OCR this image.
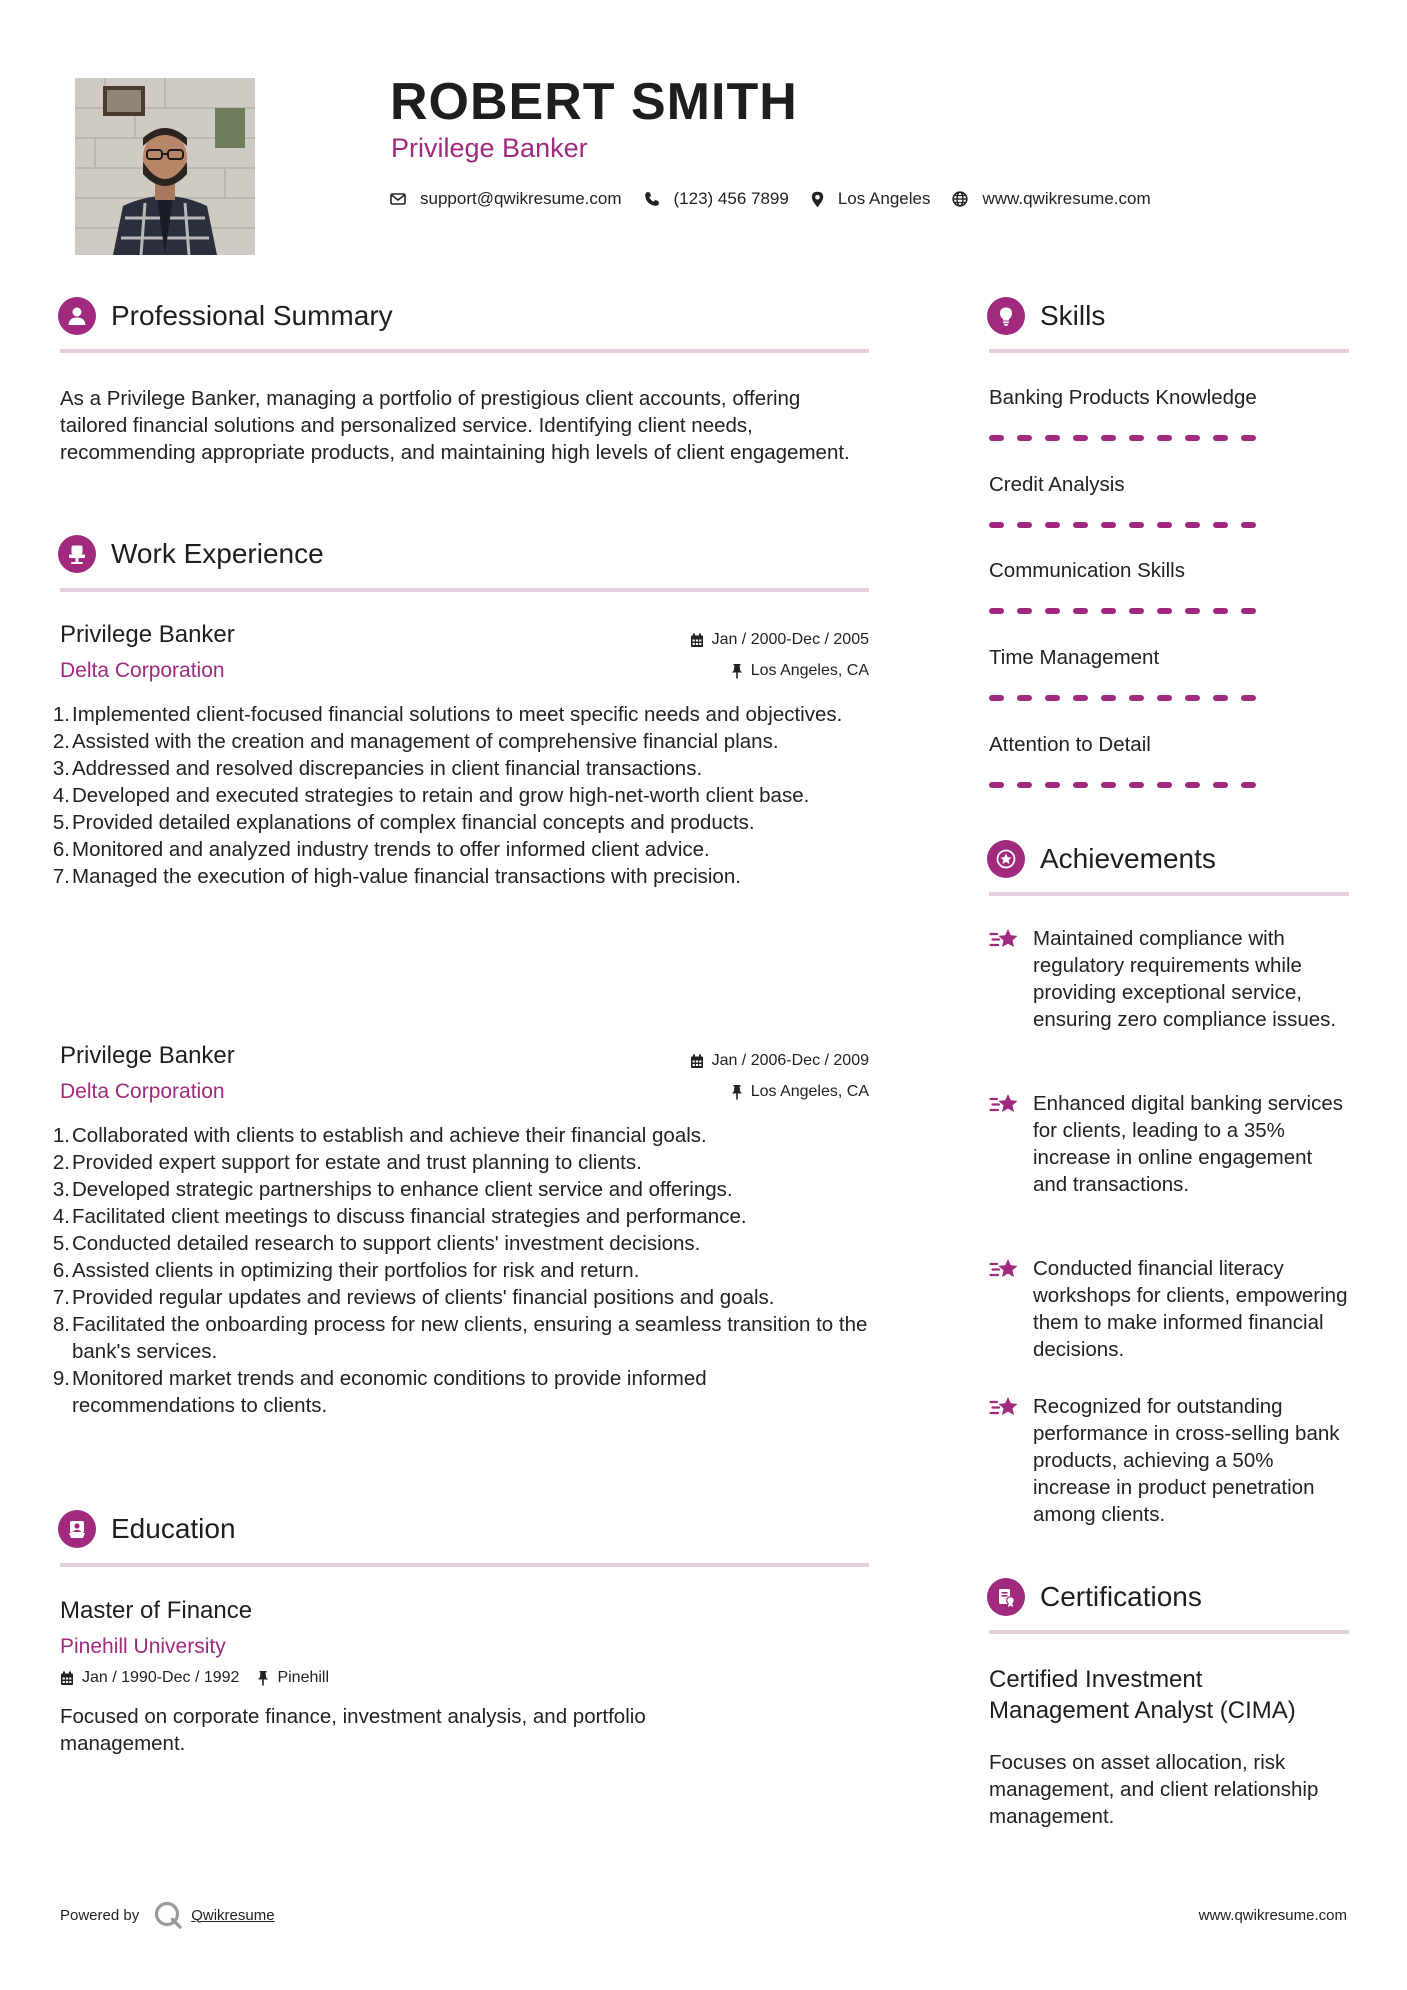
ROBERT SMITH
Privilege Banker
support@qwikresume.com	(123) 456 7899	Los Angeles	www.qwikresume.com
Professional Summary
As a Privilege Banker, managing a portfolio of prestigious client accounts, offering tailored financial solutions and personalized service. Identifying client needs, recommending appropriate products, and maintaining high levels of client engagement.
Work Experience
Privilege Banker
Delta Corporation
Jan / 2000-Dec / 2005
Los Angeles, CA
1. Implemented client-focused financial solutions to meet specific needs and objectives.
2. Assisted with the creation and management of comprehensive financial plans.
3. Addressed and resolved discrepancies in client financial transactions.
4. Developed and executed strategies to retain and grow high-net-worth client base.
5. Provided detailed explanations of complex financial concepts and products.
6. Monitored and analyzed industry trends to offer informed client advice.
7. Managed the execution of high-value financial transactions with precision.
Privilege Banker
Delta Corporation
Jan / 2006-Dec / 2009
Los Angeles, CA
1. Collaborated with clients to establish and achieve their financial goals.
2. Provided expert support for estate and trust planning to clients.
3. Developed strategic partnerships to enhance client service and offerings.
4. Facilitated client meetings to discuss financial strategies and performance.
5. Conducted detailed research to support clients' investment decisions.
6. Assisted clients in optimizing their portfolios for risk and return.
7. Provided regular updates and reviews of clients' financial positions and goals.
8. Facilitated the onboarding process for new clients, ensuring a seamless transition to the bank's services.
9. Monitored market trends and economic conditions to provide informed recommendations to clients.
Education
Master of Finance
Pinehill University
Jan / 1990-Dec / 1992 Pinehill
Focused on corporate finance, investment analysis, and portfolio management.
Skills
Banking Products Knowledge
Credit Analysis
Communication Skills
Time Management
Attention to Detail
Achievements
Maintained compliance with regulatory requirements while providing exceptional service, ensuring zero compliance issues.
Enhanced digital banking services for clients, leading to a 35% increase in online engagement and transactions.
Conducted financial literacy workshops for clients, empowering them to make informed financial decisions.
Recognized for outstanding performance in cross-selling bank products, achieving a 50% increase in product penetration among clients.
Certifications
Certified Investment Management Analyst (CIMA)
Focuses on asset allocation, risk management, and client relationship management.
Powered by	Qwikresume	www.qwikresume.com
